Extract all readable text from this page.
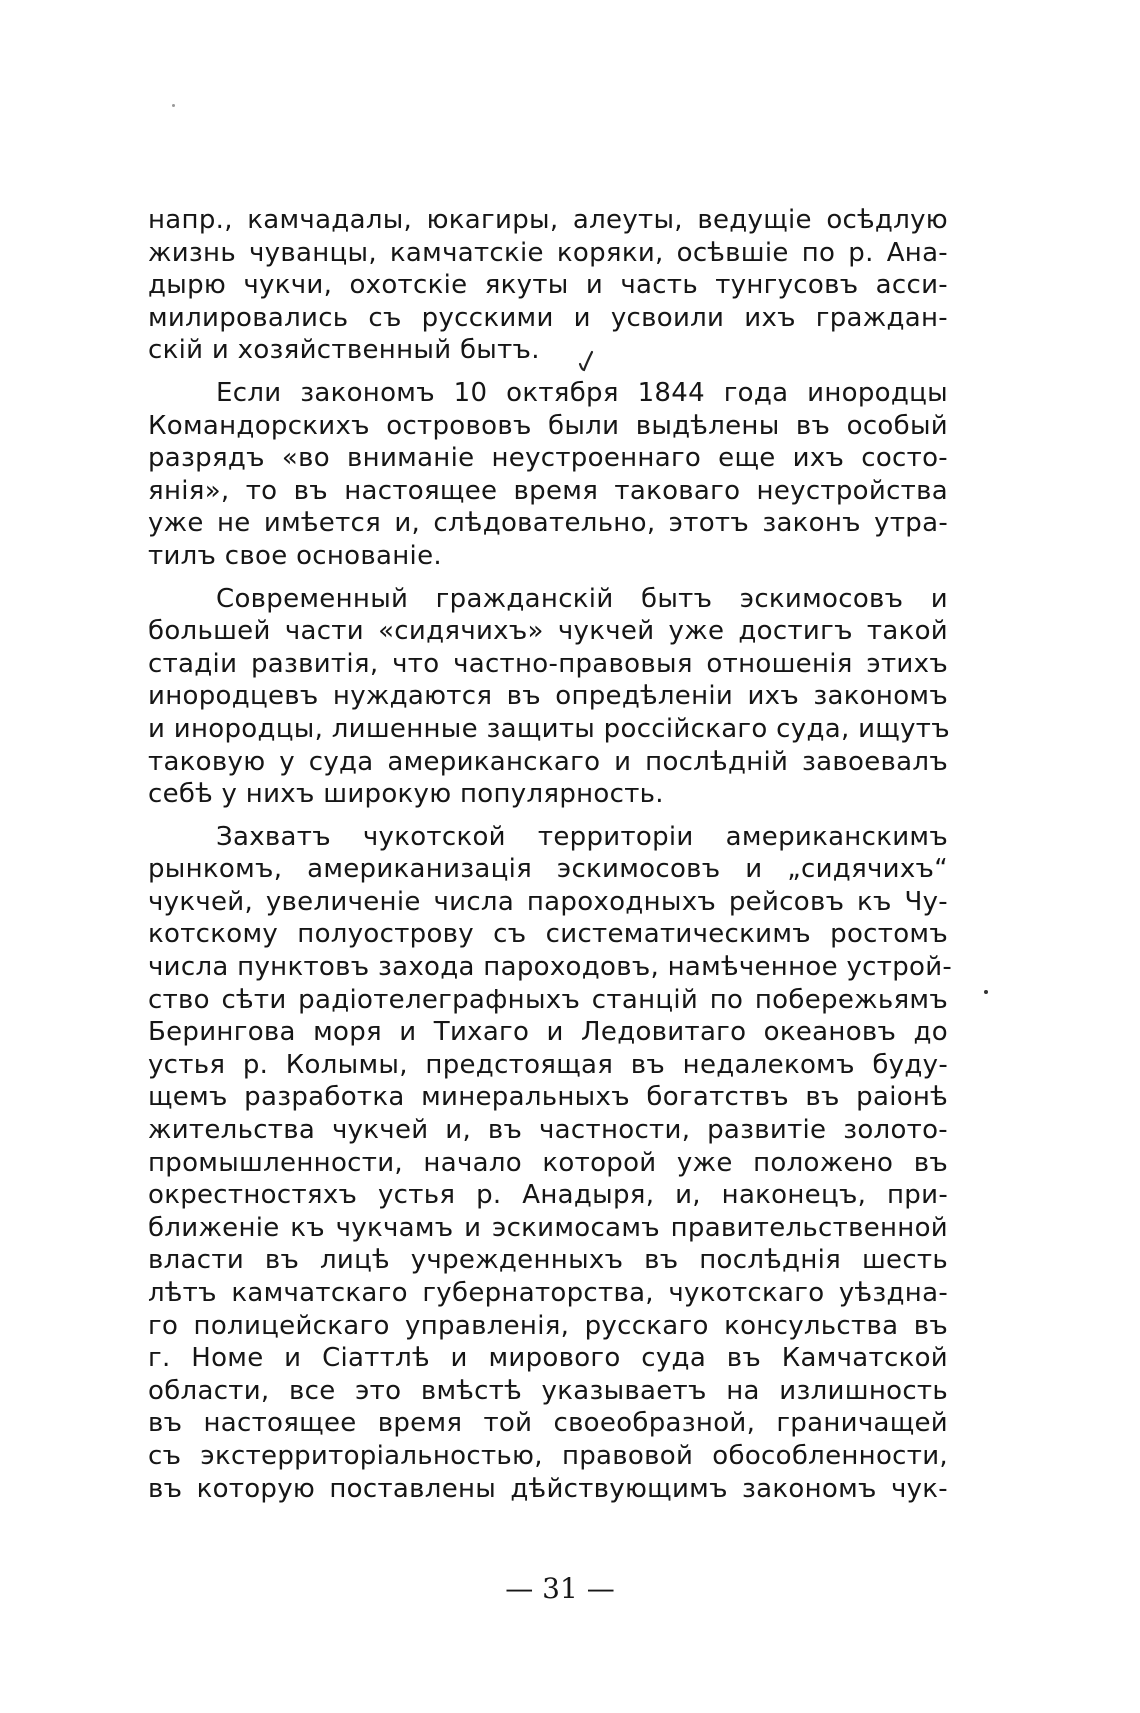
напр., камчадалы, юкагиры, алеуты, ведущіе осѣдлую
жизнь чуванцы, камчатскіе коряки, осѣвшіе по р. Ана-
дырю чукчи, охотскіе якуты и часть тунгусовъ асси-
милировались съ русскими и усвоили ихъ граждан-
скій и хозяйственный бытъ.
Если закономъ 10 октября 1844 года инородцы
Командорскихъ острововъ были выдѣлены въ особый
разрядъ «во вниманіе неустроеннаго еще ихъ состо-
янія», то въ настоящее время таковаго неустройства
уже не имѣется и, слѣдовательно, этотъ законъ утра-
тилъ свое основаніе.
Современный гражданскій бытъ эскимосовъ и
большей части «сидячихъ» чукчей уже достигъ такой
стадіи развитія, что частно-правовыя отношенія этихъ
инородцевъ нуждаются въ опредѣленіи ихъ закономъ
и инородцы, лишенные защиты россійскаго суда, ищутъ
таковую у суда американскаго и послѣдній завоевалъ
себѣ у нихъ широкую популярность.
Захватъ чукотской территоріи американскимъ
рынкомъ, американизація эскимосовъ и „сидячихъ“
чукчей, увеличеніе числа пароходныхъ рейсовъ къ Чу-
котскому полуострову съ систематическимъ ростомъ
числа пунктовъ захода пароходовъ, намѣченное устрой-
ство сѣти радіотелеграфныхъ станцій по побережьямъ
Берингова моря и Тихаго и Ледовитаго океановъ до
устья р. Колымы, предстоящая въ недалекомъ буду-
щемъ разработка минеральныхъ богатствъ въ раіонѣ
жительства чукчей и, въ частности, развитіе золото-
промышленности, начало которой уже положено въ
окрестностяхъ устья р. Анадыря, и, наконецъ, при-
ближеніе къ чукчамъ и эскимосамъ правительственной
власти въ лицѣ учрежденныхъ въ послѣднія шесть
лѣтъ камчатскаго губернаторства, чукотскаго уѣздна-
го полицейскаго управленія, русскаго консульства въ
г. Номе и Сіаттлѣ и мирового суда въ Камчатской
области, все это вмѣстѣ указываетъ на излишность
въ настоящее время той своеобразной, граничащей
съ экстерриторіальностью, правовой обособленности,
въ которую поставлены дѣйствующимъ закономъ чук-
— 31 —
